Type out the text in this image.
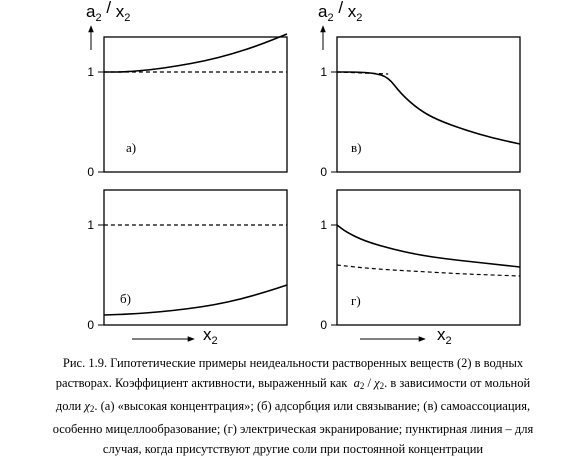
1
0
а)
1
0
в)
1
0
б)
1
0
г)
$a_2 / x_2$	$a_2 / x_2$
$x_2$	$x_2$

Рис. 1.9. Гипотетические примеры неидеальности растворенных веществ (2) в водных

растворах. Коэффициент активности, выраженный как $a_2 / \chi_2$. в зависимости от мольной

доли $\chi_2$. (а) «высокая концентрация»; (б) адсорбция или связывание; (в) самоассоциация,

особенно мицеллообразование; (г) электрическая экранирование; пунктирная линия – для

случая, когда присутствуют другие соли при постоянной концентрации
